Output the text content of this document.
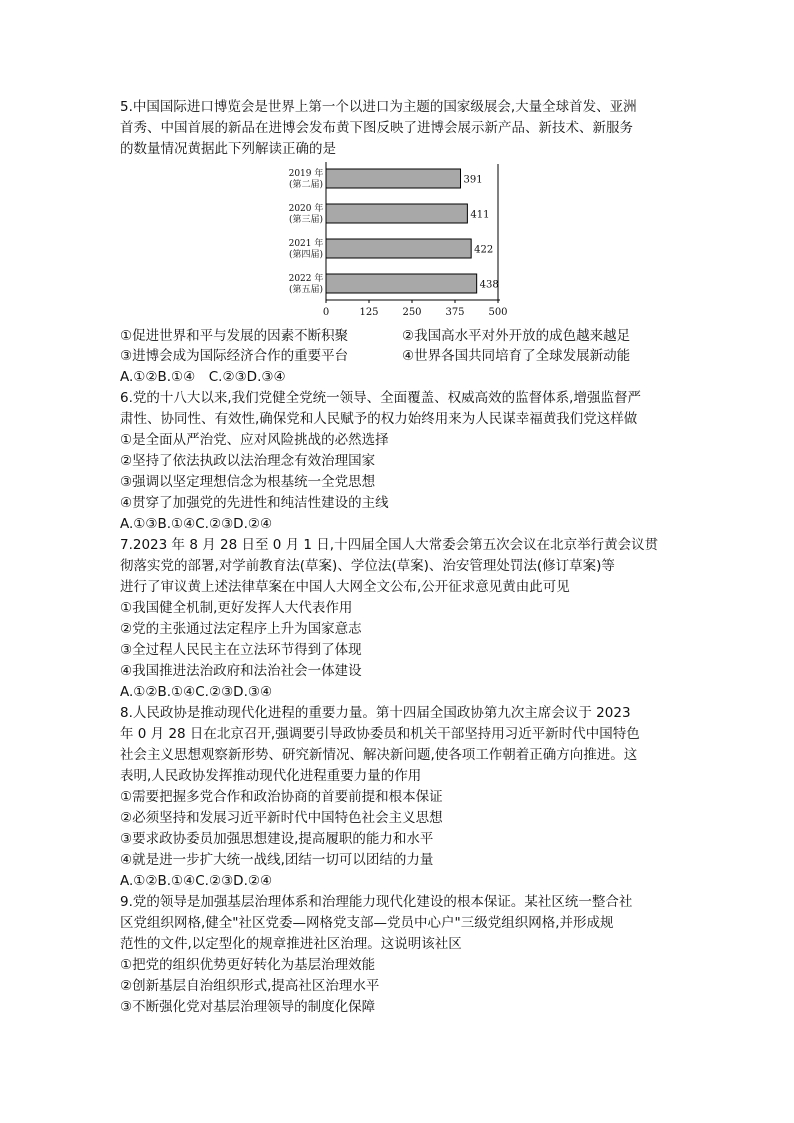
5.中国国际进口博览会是世界上第一个以进口为主题的国家级展会,大量全球首发、亚洲
首秀、中国首展的新品在进博会发布黄下图反映了进博会展示新产品、新技术、新服务
的数量情况黄据此下列解读正确的是
2019 年
(第二届)
2020 年
(第三届)
2021 年
(第四届)
2022 年
(第五届)
391
411
422
438
0	125 250 375 500
①促进世界和平与发展的因素不断积聚	②我国高水平对外开放的成色越来越足
③进博会成为国际经济合作的重要平台	④世界各国共同培育了全球发展新动能
A.①②B.①④　C.②③D.③④
6.党的十八大以来,我们党健全党统一领导、全面覆盖、权威高效的监督体系,增强监督严
肃性、协同性、有效性,确保党和人民赋予的权力始终用来为人民谋幸福黄我们党这样做
①是全面从严治党、应对风险挑战的必然选择
②坚持了依法执政以法治理念有效治理国家
③强调以坚定理想信念为根基统一全党思想
④贯穿了加强党的先进性和纯洁性建设的主线
A.①③B.①④C.②③D.②④
7.2023 年 8 月 28 日至 0 月 1 日,十四届全国人大常委会第五次会议在北京举行黄会议贯
彻落实党的部署,对学前教育法(草案)、学位法(草案)、治安管理处罚法(修订草案)等
进行了审议黄上述法律草案在中国人大网全文公布,公开征求意见黄由此可见
①我国健全机制,更好发挥人大代表作用
②党的主张通过法定程序上升为国家意志
③全过程人民民主在立法环节得到了体现
④我国推进法治政府和法治社会一体建设
A.①②B.①④C.②③D.③④
8.人民政协是推动现代化进程的重要力量。第十四届全国政协第九次主席会议于 2023
年 0 月 28 日在北京召开,强调要引导政协委员和机关干部坚持用习近平新时代中国特色
社会主义思想观察新形势、研究新情况、解决新问题,使各项工作朝着正确方向推进。这
表明,人民政协发挥推动现代化进程重要力量的作用
①需要把握多党合作和政治协商的首要前提和根本保证
②必须坚持和发展习近平新时代中国特色社会主义思想
③要求政协委员加强思想建设,提高履职的能力和水平
④就是进一步扩大统一战线,团结一切可以团结的力量
A.①②B.①④C.②③D.②④
9.党的领导是加强基层治理体系和治理能力现代化建设的根本保证。某社区统一整合社
区党组织网格,健全"社区党委—网格党支部—党员中心户"三级党组织网格,并形成规
范性的文件,以定型化的规章推进社区治理。这说明该社区
①把党的组织优势更好转化为基层治理效能
②创新基层自治组织形式,提高社区治理水平
③不断强化党对基层治理领导的制度化保障
